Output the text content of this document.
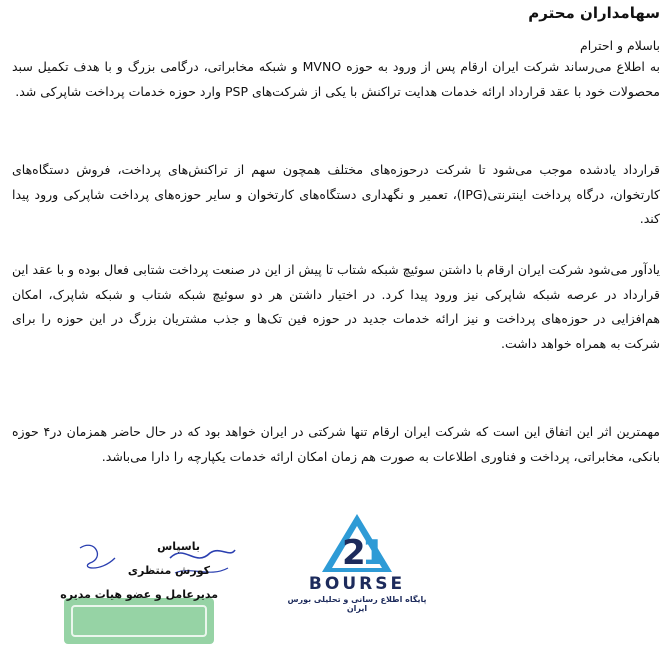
سهامداران محترم

باسلام و احترام

به اطلاع می‌رساند شرکت ایران ارقام پس از ورود به حوزه MVNO و شبکه مخابراتی، درگامی بزرگ و با هدف تکمیل سبد محصولات خود با عقد قرارداد ارائه خدمات هدایت تراکنش با یکی از شرکت‌های PSP وارد حوزه خدمات پرداخت شاپرکی شد.

قرارداد یادشده موجب می‌شود تا شرکت درحوزه‌های مختلف همچون سهم از تراکنش‌های پرداخت، فروش دستگاه‌های کارتخوان، درگاه پرداخت اینترنتی(IPG)، تعمیر و نگهداری دستگاه‌های کارتخوان و سایر حوزه‌های پرداخت شاپرکی ورود پیدا کند.

یادآور می‌شود شرکت ایران ارقام با داشتن سوئیچ شبکه شتاب تا پیش از این در صنعت پرداخت شتابی فعال بوده و با عقد این قرارداد در عرصه شبکه شاپرکی نیز ورود پیدا کرد. در اختیار داشتن هر دو سوئیچ شبکه شتاب و شبکه شاپرک، امکان هم‌افزایی در حوزه‌های پرداخت و نیز ارائه خدمات جدید در حوزه فین تک‌ها و جذب مشتریان بزرگ در این حوزه را برای شرکت به همراه خواهد داشت.

مهمترین اثر این اتفاق این است که شرکت ایران ارقام تنها شرکتی در ایران خواهد بود که در حال حاضر همزمان در۴ حوزه بانکی، مخابراتی، پرداخت و فناوری اطلاعات به صورت هم زمان امکان ارائه خدمات یکپارچه را دارا می‌باشد.

2
1

BOURSE

پایگاه اطلاع رسانی و تحلیلی بورس ایران

باسپاس

کورش منتظری

مدیرعامل و عضو هیات مدیره
